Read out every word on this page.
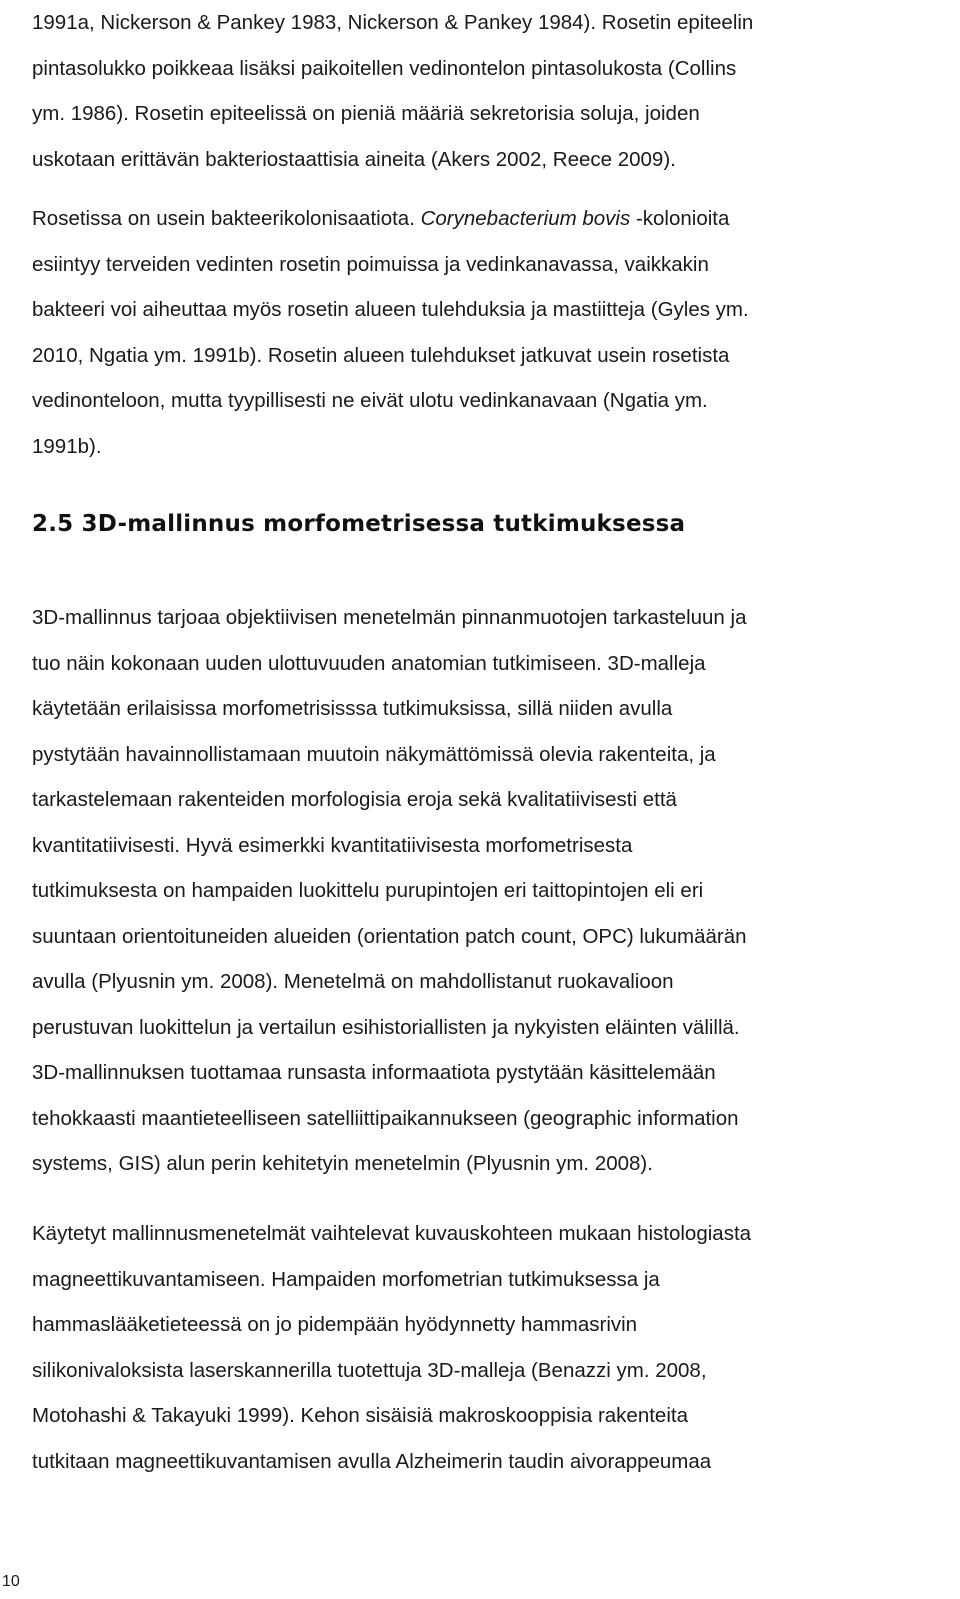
1991a, Nickerson & Pankey 1983, Nickerson & Pankey 1984). Rosetin epiteelin
pintasolukko poikkeaa lisäksi paikoitellen vedinontelon pintasolukosta (Collins
ym. 1986). Rosetin epiteelissä on pieniä määriä sekretorisia soluja, joiden
uskotaan erittävän bakteriostaattisia aineita (Akers 2002, Reece 2009).
Rosetissa on usein bakteerikolonisaatiota. Corynebacterium bovis -kolonioita
esiintyy terveiden vedinten rosetin poimuissa ja vedinkanavassa, vaikkakin
bakteeri voi aiheuttaa myös rosetin alueen tulehduksia ja mastiitteja (Gyles ym.
2010, Ngatia ym. 1991b). Rosetin alueen tulehdukset jatkuvat usein rosetista
vedinonteloon, mutta tyypillisesti ne eivät ulotu vedinkanavaan (Ngatia ym.
1991b).
2.5 3D-mallinnus morfometrisessa tutkimuksessa
3D-mallinnus tarjoaa objektiivisen menetelmän pinnanmuotojen tarkasteluun ja
tuo näin kokonaan uuden ulottuvuuden anatomian tutkimiseen. 3D-malleja
käytetään erilaisissa morfometrisisssa tutkimuksissa, sillä niiden avulla
pystytään havainnollistamaan muutoin näkymättömissä olevia rakenteita, ja
tarkastelemaan rakenteiden morfologisia eroja sekä kvalitatiivisesti että
kvantitatiivisesti. Hyvä esimerkki kvantitatiivisesta morfometrisesta
tutkimuksesta on hampaiden luokittelu purupintojen eri taittopintojen eli eri
suuntaan orientoituneiden alueiden (orientation patch count, OPC) lukumäärän
avulla (Plyusnin ym. 2008). Menetelmä on mahdollistanut ruokavalioon
perustuvan luokittelun ja vertailun esihistoriallisten ja nykyisten eläinten välillä.
3D-mallinnuksen tuottamaa runsasta informaatiota pystytään käsittelemään
tehokkaasti maantieteelliseen satelliittipaikannukseen (geographic information
systems, GIS) alun perin kehitetyin menetelmin (Plyusnin ym. 2008).
Käytetyt mallinnusmenetelmät vaihtelevat kuvauskohteen mukaan histologiasta
magneettikuvantamiseen. Hampaiden morfometrian tutkimuksessa ja
hammaslääketieteessä on jo pidempään hyödynnetty hammasrivin
silikonivaloksista laserskannerilla tuotettuja 3D-malleja (Benazzi ym. 2008,
Motohashi & Takayuki 1999). Kehon sisäisiä makroskooppisia rakenteita
tutkitaan magneettikuvantamisen avulla Alzheimerin taudin aivorappeumaa
10
